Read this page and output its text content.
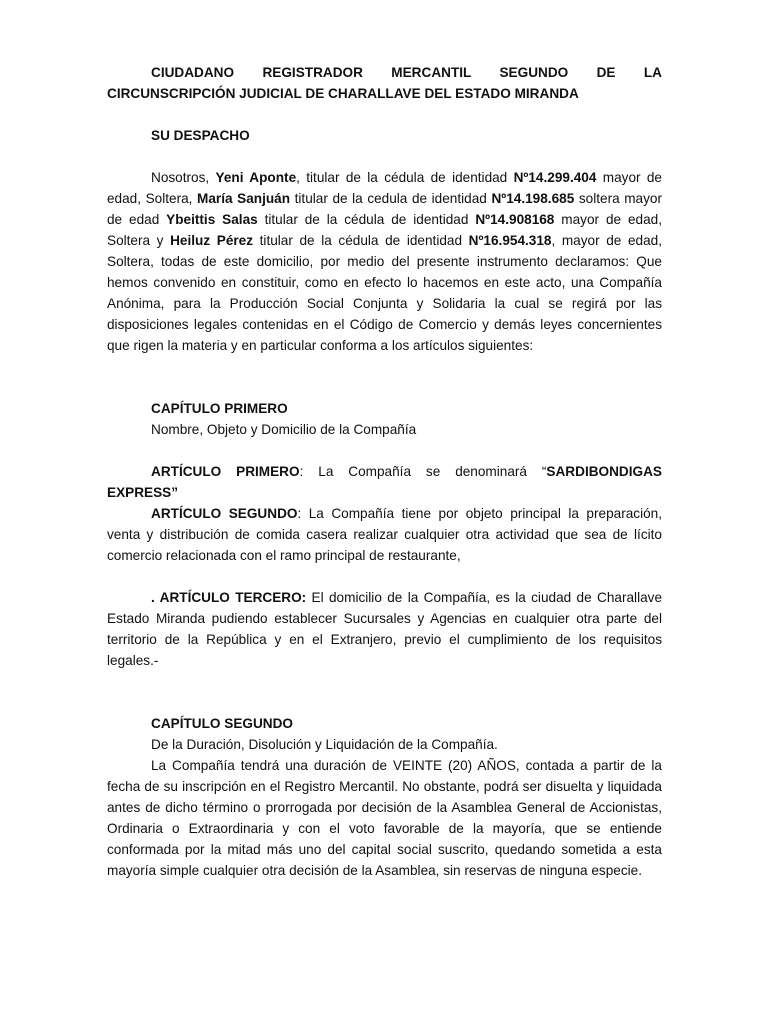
CIUDADANO REGISTRADOR MERCANTIL SEGUNDO DE LA

CIRCUNSCRIPCIÓN JUDICIAL DE CHARALLAVE DEL ESTADO MIRANDA

SU DESPACHO

Nosotros, Yeni Aponte, titular de la cédula de identidad Nº14.299.404 mayor de edad, Soltera, María Sanjuán titular de la cedula de identidad Nº14.198.685 soltera mayor de edad Ybeittis Salas titular de la cédula de identidad Nº14.908168 mayor de edad, Soltera y Heiluz Pérez titular de la cédula de identidad Nº16.954.318, mayor de edad, Soltera, todas de este domicilio, por medio del presente instrumento declaramos: Que hemos convenido en constituir, como en efecto lo hacemos en este acto, una Compañía Anónima, para la Producción Social Conjunta y Solidaria la cual se regirá por las disposiciones legales contenidas en el Código de Comercio y demás leyes concernientes que rigen la materia y en particular conforma a los artículos siguientes:

CAPÍTULO PRIMERO

Nombre, Objeto y Domicilio de la Compañía

ARTÍCULO PRIMERO: La Compañía se denominará “SARDIBONDIGAS EXPRESS”

ARTÍCULO SEGUNDO: La Compañía tiene por objeto principal la preparación, venta y distribución de comida casera realizar cualquier otra actividad que sea de lícito comercio relacionada con el ramo principal de restaurante,

. ARTÍCULO TERCERO: El domicilio de la Compañía, es la ciudad de Charallave Estado Miranda pudiendo establecer Sucursales y Agencias en cualquier otra parte del territorio de la República y en el Extranjero, previo el cumplimiento de los requisitos legales.-

CAPÍTULO SEGUNDO

De la Duración, Disolución y Liquidación de la Compañía.

La Compañía tendrá una duración de VEINTE (20) AÑOS, contada a partir de la fecha de su inscripción en el Registro Mercantil. No obstante, podrá ser disuelta y liquidada antes de dicho término o prorrogada por decisión de la Asamblea General de Accionistas, Ordinaria o Extraordinaria y con el voto favorable de la mayoría, que se entiende conformada por la mitad más uno del capital social suscrito, quedando sometida a esta mayoría simple cualquier otra decisión de la Asamblea, sin reservas de ninguna especie.
